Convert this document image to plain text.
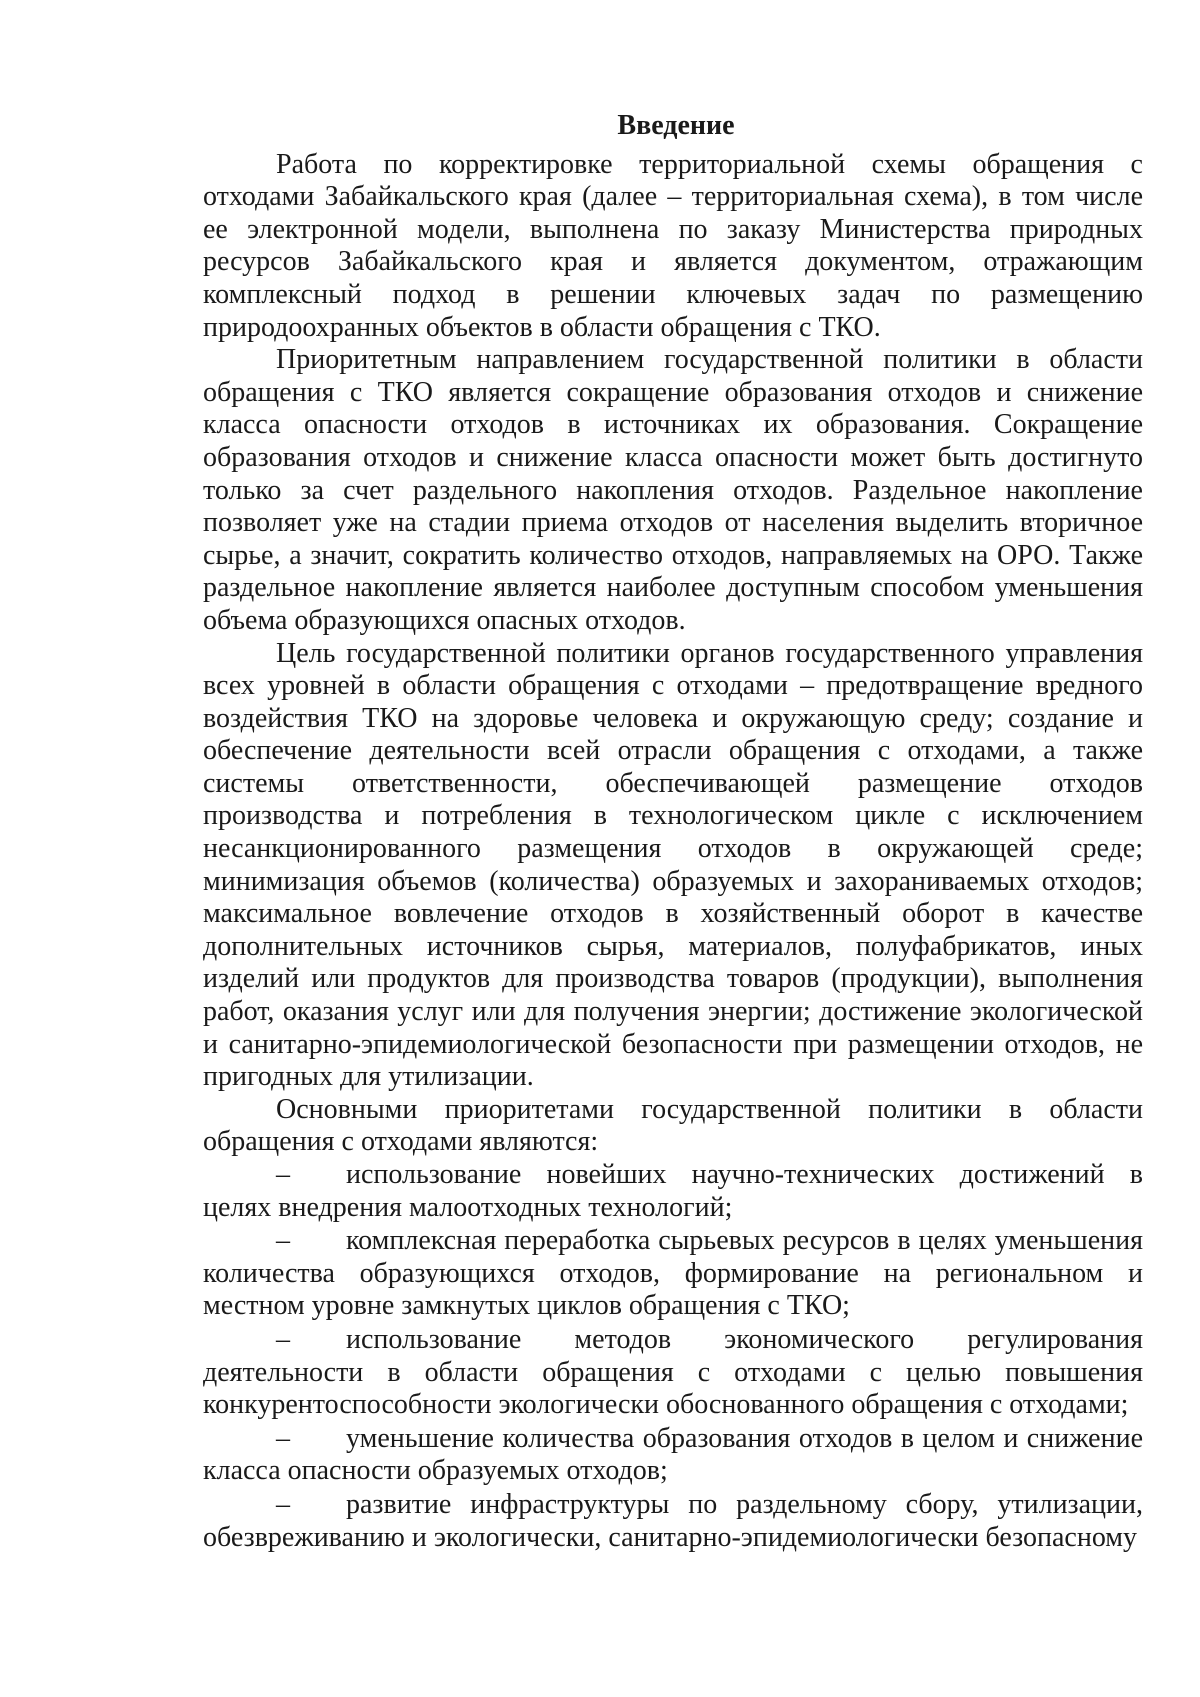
Введение

Работа по корректировке территориальной схемы обращения с отходами Забайкальского края (далее – территориальная схема), в том числе ее электронной модели, выполнена по заказу Министерства природных ресурсов Забайкальского края и является документом, отражающим комплексный подход в решении ключевых задач по размещению природоохранных объектов в области обращения с ТКО.

Приоритетным направлением государственной политики в области обращения с ТКО является сокращение образования отходов и снижение класса опасности отходов в источниках их образования. Сокращение образования отходов и снижение класса опасности может быть достигнуто только за счет раздельного накопления отходов. Раздельное накопление позволяет уже на стадии приема отходов от населения выделить вторичное сырье, а значит, сократить количество отходов, направляемых на ОРО. Также раздельное накопление является наиболее доступным способом уменьшения объема образующихся опасных отходов.

Цель государственной политики органов государственного управления всех уровней в области обращения с отходами – предотвращение вредного воздействия ТКО на здоровье человека и окружающую среду; создание и обеспечение деятельности всей отрасли обращения с отходами, а также системы ответственности, обеспечивающей размещение отходов производства и потребления в технологическом цикле с исключением несанкционированного размещения отходов в окружающей среде; минимизация объемов (количества) образуемых и захораниваемых отходов; максимальное вовлечение отходов в хозяйственный оборот в качестве дополнительных источников сырья, материалов, полуфабрикатов, иных изделий или продуктов для производства товаров (продукции), выполнения работ, оказания услуг или для получения энергии; достижение экологической и санитарно-эпидемиологической безопасности при размещении отходов, не пригодных для утилизации.

Основными приоритетами государственной политики в области обращения с отходами являются:

– использование новейших научно-технических достижений в целях внедрения малоотходных технологий;

– комплексная переработка сырьевых ресурсов в целях уменьшения количества образующихся отходов, формирование на региональном и местном уровне замкнутых циклов обращения с ТКО;

– использование методов экономического регулирования деятельности в области обращения с отходами с целью повышения конкурентоспособности экологически обоснованного обращения с отходами;

– уменьшение количества образования отходов в целом и снижение класса опасности образуемых отходов;

– развитие инфраструктуры по раздельному сбору, утилизации, обезвреживанию и экологически, санитарно-эпидемиологически безопасному
